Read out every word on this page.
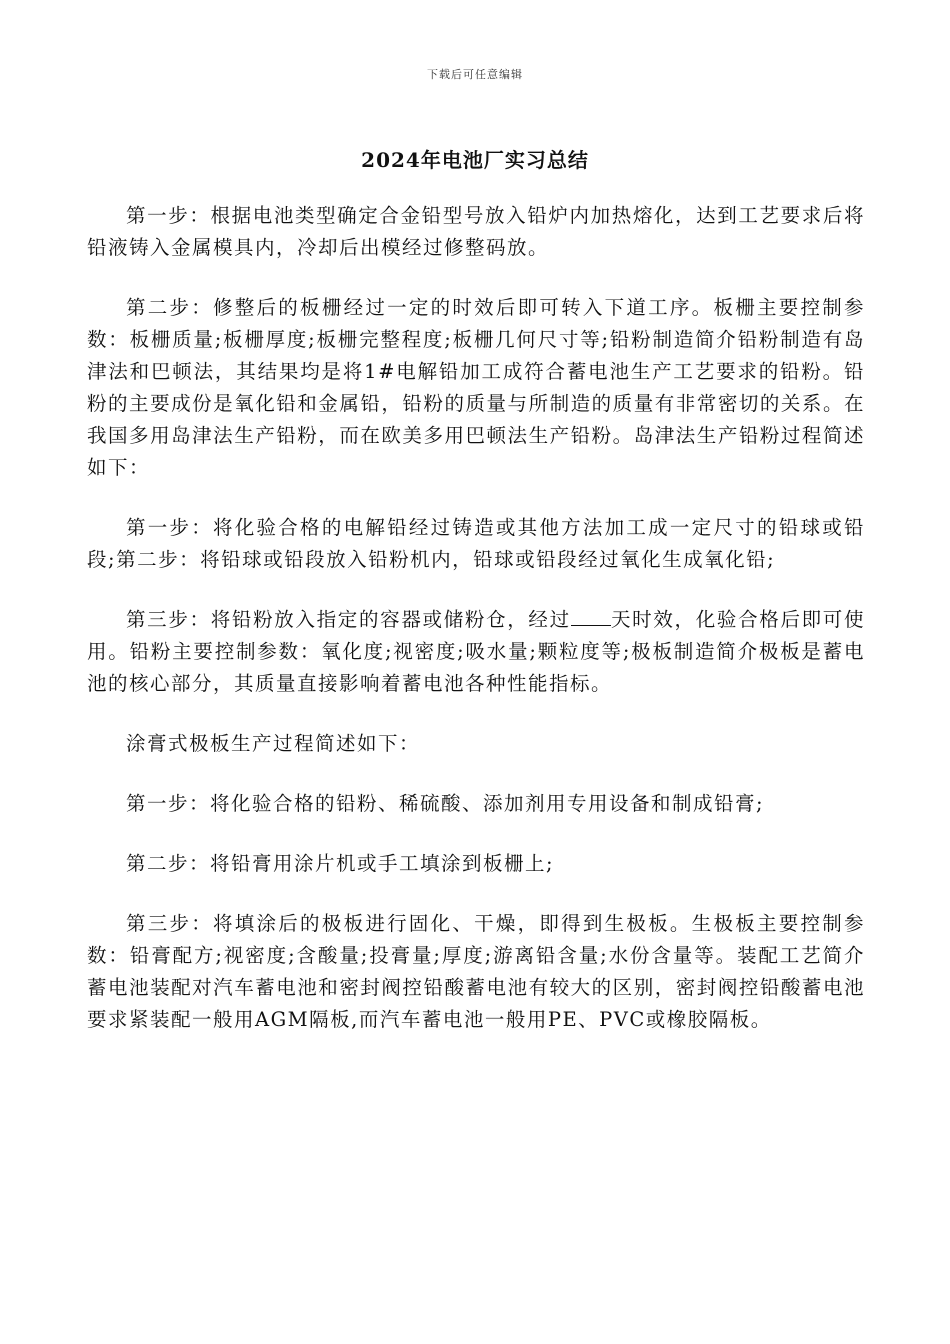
下载后可任意编辑
2024年电池厂实习总结

第一步：根据电池类型确定合金铅型号放入铅炉内加热熔化，达到工艺要求后将铅液铸入金属模具内，冷却后出模经过修整码放。

第二步：修整后的板栅经过一定的时效后即可转入下道工序。板栅主要控制参数：板栅质量;板栅厚度;板栅完整程度;板栅几何尺寸等;铅粉制造简介铅粉制造有岛津法和巴顿法，其结果均是将1#电解铅加工成符合蓄电池生产工艺要求的铅粉。铅粉的主要成份是氧化铅和金属铅，铅粉的质量与所制造的质量有非常密切的关系。在我国多用岛津法生产铅粉，而在欧美多用巴顿法生产铅粉。岛津法生产铅粉过程简述如下：

第一步：将化验合格的电解铅经过铸造或其他方法加工成一定尺寸的铅球或铅段;第二步：将铅球或铅段放入铅粉机内，铅球或铅段经过氧化生成氧化铅;

第三步：将铅粉放入指定的容器或储粉仓，经过 天时效，化验合格后即可使用。铅粉主要控制参数：氧化度;视密度;吸水量;颗粒度等;极板制造简介极板是蓄电池的核心部分，其质量直接影响着蓄电池各种性能指标。

涂膏式极板生产过程简述如下：

第一步：将化验合格的铅粉、稀硫酸、添加剂用专用设备和制成铅膏;

第二步：将铅膏用涂片机或手工填涂到板栅上;

第三步：将填涂后的极板进行固化、干燥，即得到生极板。生极板主要控制参数：铅膏配方;视密度;含酸量;投膏量;厚度;游离铅含量;水份含量等。装配工艺简介蓄电池装配对汽车蓄电池和密封阀控铅酸蓄电池有较大的区别，密封阀控铅酸蓄电池要求紧装配一般用AGM隔板,而汽车蓄电池一般用PE、PVC或橡胶隔板。
